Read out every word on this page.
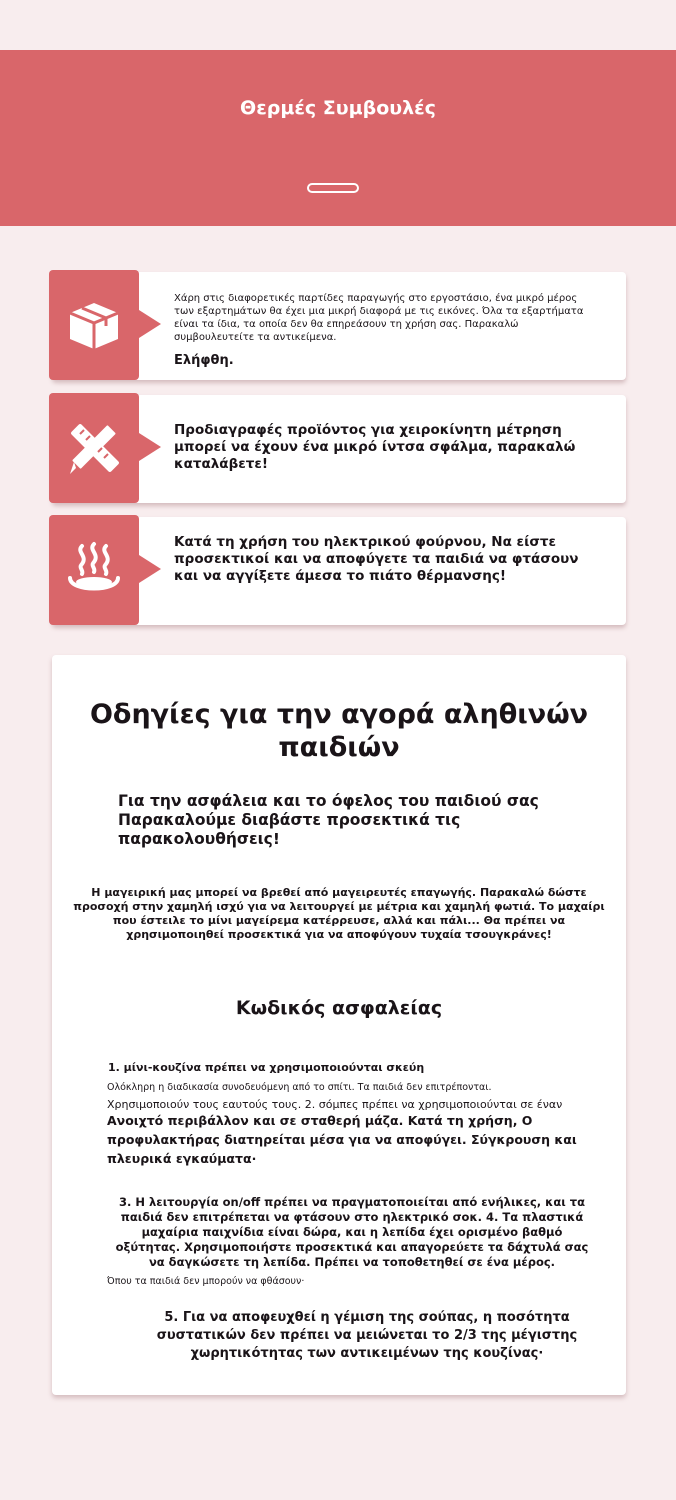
Θερμές Συμβουλές
Χάρη στις διαφορετικές παρτίδες παραγωγής στο εργοστάσιο, ένα μικρό μέρος των εξαρτημάτων θα έχει μια μικρή διαφορά με τις εικόνες. Όλα τα εξαρτήματα είναι τα ίδια, τα οποία δεν θα επηρεάσουν τη χρήση σας. Παρακαλώ συμβουλευτείτε τα αντικείμενα.
Ελήφθη.
Προδιαγραφές προϊόντος για χειροκίνητη μέτρηση μπορεί να έχουν ένα μικρό ίντσα σφάλμα, παρακαλώ καταλάβετε!
Κατά τη χρήση του ηλεκτρικού φούρνου, Να είστε προσεκτικοί και να αποφύγετε τα παιδιά να φτάσουν και να αγγίξετε άμεσα το πιάτο θέρμανσης!
Οδηγίες για την αγορά αληθινών παιδιών
Για την ασφάλεια και το όφελος του παιδιού σας Παρακαλούμε διαβάστε προσεκτικά τις παρακολουθήσεις!
Η μαγειρική μας μπορεί να βρεθεί από μαγειρευτές επαγωγής. Παρακαλώ δώστε προσοχή στην χαμηλή ισχύ για να λειτουργεί με μέτρια και χαμηλή φωτιά. Το μαχαίρι που έστειλε το μίνι μαγείρεμα κατέρρευσε, αλλά και πάλι... Θα πρέπει να χρησιμοποιηθεί προσεκτικά για να αποφύγουν τυχαία τσουγκράνες!
Κωδικός ασφαλείας
1. μίνι-κουζίνα πρέπει να χρησιμοποιούνται σκεύη
Ολόκληρη η διαδικασία συνοδευόμενη από το σπίτι. Τα παιδιά δεν επιτρέπονται.
Χρησιμοποιούν τους εαυτούς τους. 2. σόμπες πρέπει να χρησιμοποιούνται σε έναν
Ανοιχτό περιβάλλον και σε σταθερή μάζα. Κατά τη χρήση, Ο προφυλακτήρας διατηρείται μέσα για να αποφύγει. Σύγκρουση και πλευρικά εγκαύματα·
3. Η λειτουργία on/off πρέπει να πραγματοποιείται από ενήλικες, και τα παιδιά δεν επιτρέπεται να φτάσουν στο ηλεκτρικό σοκ. 4. Τα πλαστικά μαχαίρια παιχνίδια είναι δώρα, και η λεπίδα έχει ορισμένο βαθμό οξύτητας. Χρησιμοποιήστε προσεκτικά και απαγορεύετε τα δάχτυλά σας να δαγκώσετε τη λεπίδα. Πρέπει να τοποθετηθεί σε ένα μέρος.
Όπου τα παιδιά δεν μπορούν να φθάσουν·
5. Για να αποφευχθεί η γέμιση της σούπας, η ποσότητα συστατικών δεν πρέπει να μειώνεται το 2/3 της μέγιστης χωρητικότητας των αντικειμένων της κουζίνας·
